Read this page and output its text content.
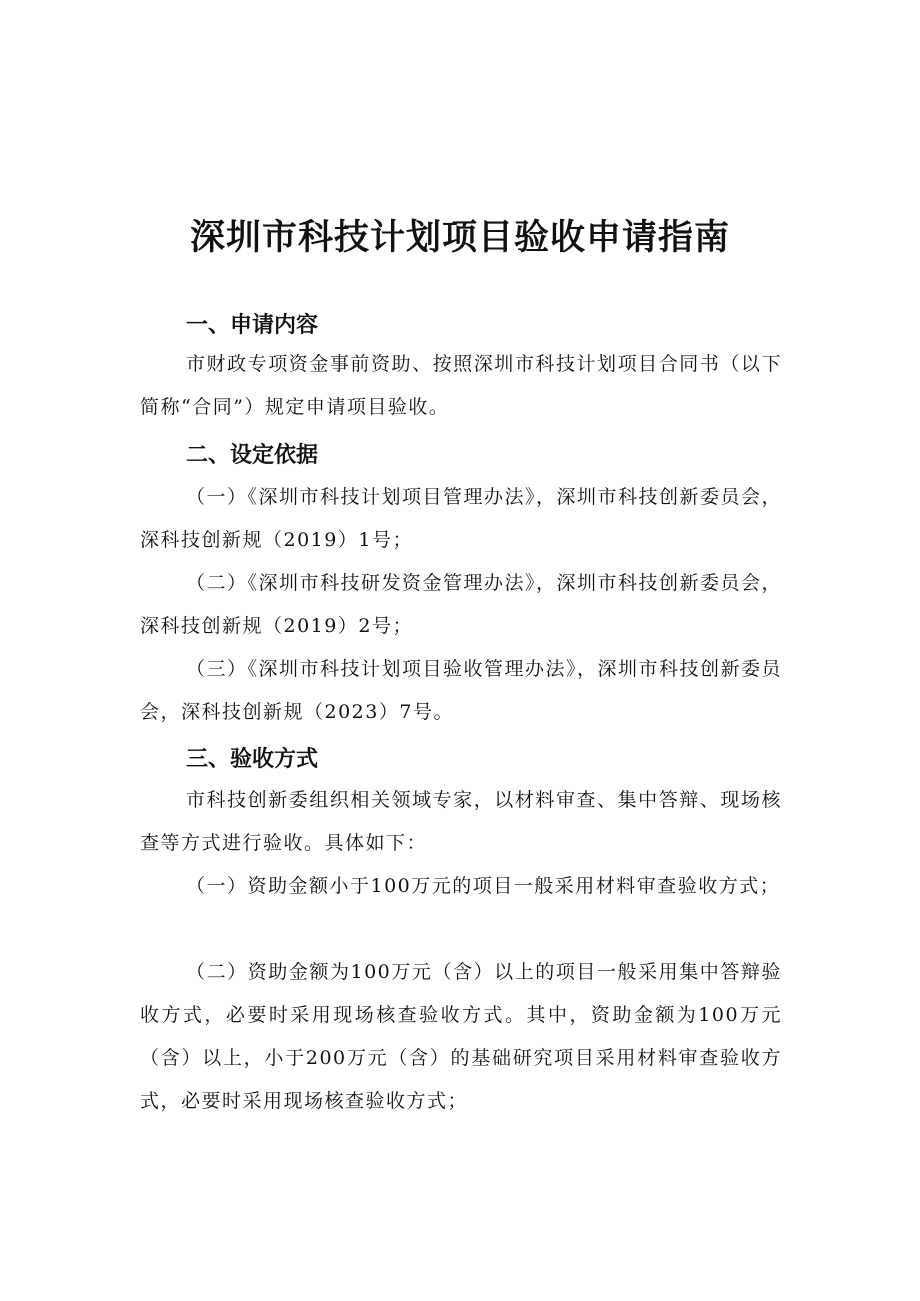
深圳市科技计划项目验收申请指南
一、申请内容

市财政专项资金事前资助、按照深圳市科技计划项目合同书（以下简称“合同”）规定申请项目验收。

二、设定依据

（一）《深圳市科技计划项目管理办法》，深圳市科技创新委员会，深科技创新规（2019）1号；

（二）《深圳市科技研发资金管理办法》，深圳市科技创新委员会，深科技创新规（2019）2号；

（三）《深圳市科技计划项目验收管理办法》，深圳市科技创新委员会，深科技创新规（2023）7号。

三、验收方式

市科技创新委组织相关领域专家，以材料审查、集中答辩、现场核查等方式进行验收。具体如下：

（一）资助金额小于100万元的项目一般采用材料审查验收方式；

（二）资助金额为100万元（含）以上的项目一般采用集中答辩验收方式，必要时采用现场核查验收方式。其中，资助金额为100万元（含）以上，小于200万元（含）的基础研究项目采用材料审查验收方式，必要时采用现场核查验收方式；
